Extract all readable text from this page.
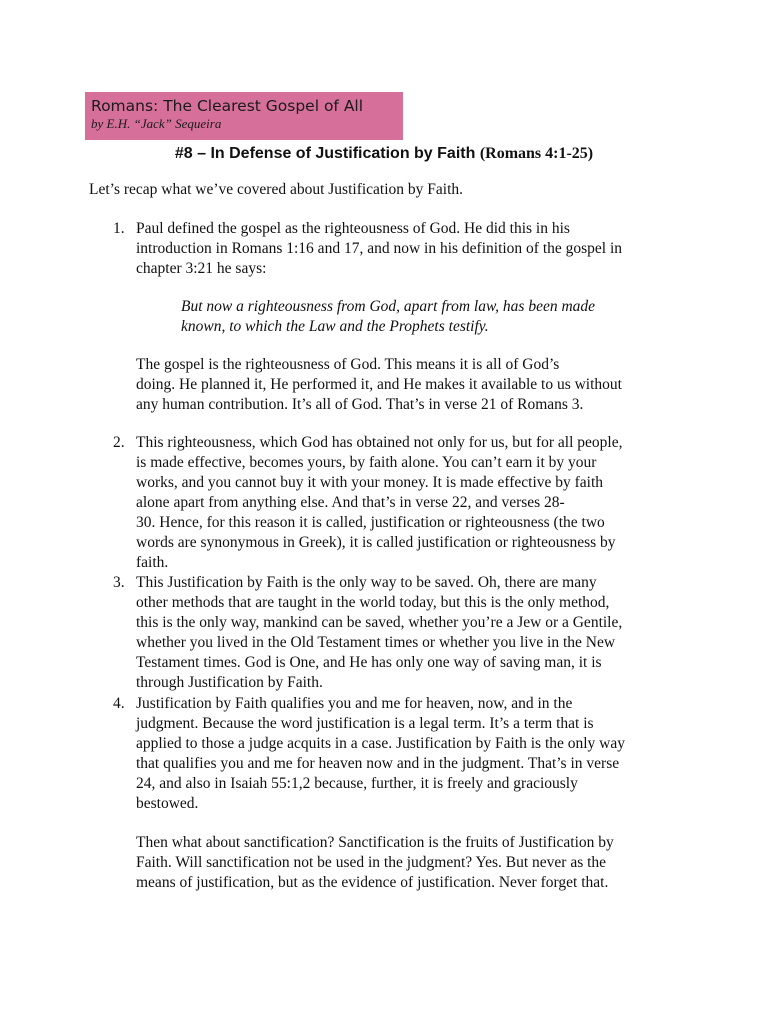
Romans: The Clearest Gospel of All
by E.H. “Jack” Sequeira
#8 – In Defense of Justification by Faith (Romans 4:1-25)
Let’s recap what we’ve covered about Justification by Faith.
1. Paul defined the gospel as the righteousness of God. He did this in his
introduction in Romans 1:16 and 17, and now in his definition of the gospel in
chapter 3:21 he says:
But now a righteousness from God, apart from law, has been made
known, to which the Law and the Prophets testify.
The gospel is the righteousness of God. This means it is all of God’s
doing. He planned it, He performed it, and He makes it available to us without
any human contribution. It’s all of God. That’s in verse 21 of Romans 3.
2. This righteousness, which God has obtained not only for us, but for all people,
is made effective, becomes yours, by faith alone. You can’t earn it by your
works, and you cannot buy it with your money. It is made effective by faith
alone apart from anything else. And that’s in verse 22, and verses 28-
30. Hence, for this reason it is called, justification or righteousness (the two
words are synonymous in Greek), it is called justification or righteousness by
faith.
3. This Justification by Faith is the only way to be saved. Oh, there are many
other methods that are taught in the world today, but this is the only method,
this is the only way, mankind can be saved, whether you’re a Jew or a Gentile,
whether you lived in the Old Testament times or whether you live in the New
Testament times. God is One, and He has only one way of saving man, it is
through Justification by Faith.
4. Justification by Faith qualifies you and me for heaven, now, and in the
judgment. Because the word justification is a legal term. It’s a term that is
applied to those a judge acquits in a case. Justification by Faith is the only way
that qualifies you and me for heaven now and in the judgment. That’s in verse
24, and also in Isaiah 55:1,2 because, further, it is freely and graciously
bestowed.
Then what about sanctification? Sanctification is the fruits of Justification by
Faith. Will sanctification not be used in the judgment? Yes. But never as the
means of justification, but as the evidence of justification. Never forget that.
